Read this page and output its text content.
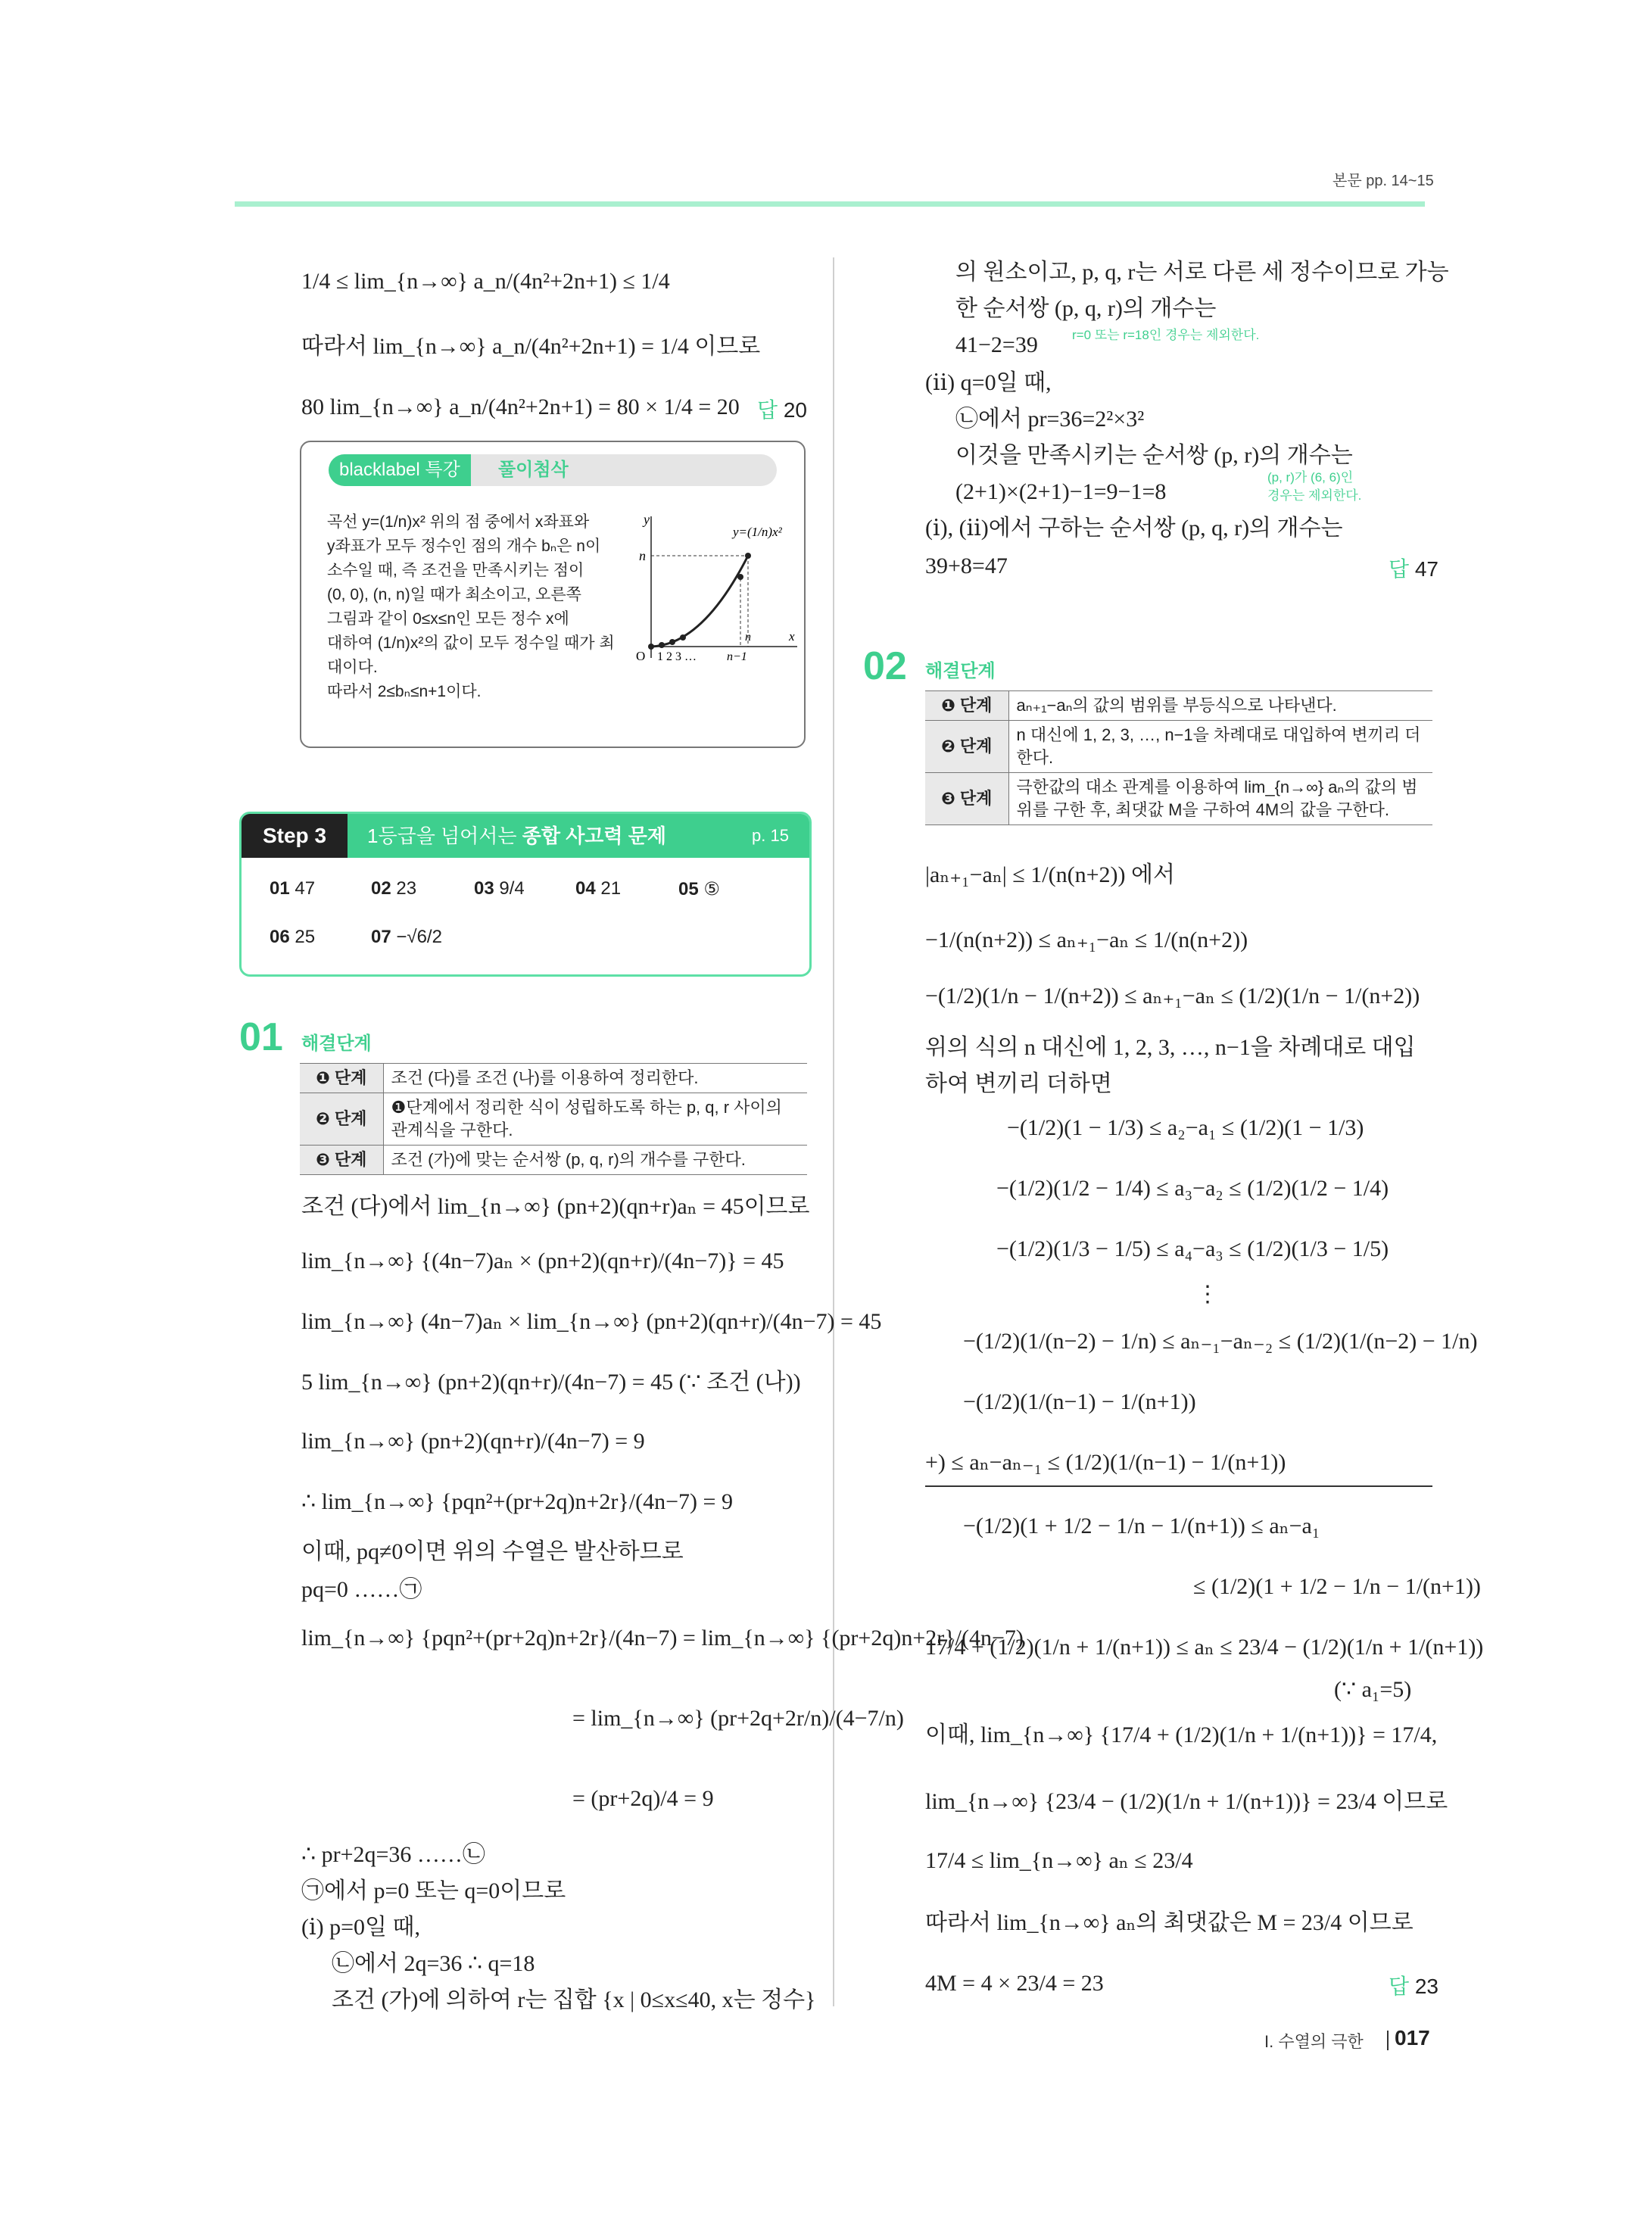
본문 pp. 14~15
1/4 ≤ lim_{n→∞} a_n/(4n²+2n+1) ≤ 1/4
따라서 lim_{n→∞} a_n/(4n²+2n+1) = 1/4 이므로
80 lim_{n→∞} a_n/(4n²+2n+1) = 80 × 1/4 = 20 답 20
blacklabel 특강	풀이첨삭
곡선 y=(1/n)x² 위의 점 중에서 x좌표와
y좌표가 모두 정수인 점의 개수 bₙ은 n이
소수일 때, 즉 조건을 만족시키는 점이
(0, 0), (n, n)일 때가 최소이고, 오른쪽
그림과 같이 0≤x≤n인 모든 정수 x에
대하여 (1/n)x²의 값이 모두 정수일 때가 최
대이다.
따라서 2≤bₙ≤n+1이다.
y
n
y=(1/n)x²
O 1 2 3 …
n
n−1
x
Step 3	1등급을 넘어서는 종합 사고력 문제	p. 15
01 47	02 23	03 9/4	04 21	05 ⑤
06 25	07 −√6/2
01 해결단계
❶ 단계	조건 (다)를 조건 (나)를 이용하여 정리한다.
❷ 단계	❶단계에서 정리한 식이 성립하도록 하는 p, q, r 사이의 관계식을 구한다.
❸ 단계	조건 (가)에 맞는 순서쌍 (p, q, r)의 개수를 구한다.
조건 (다)에서 lim_{n→∞} (pn+2)(qn+r)aₙ = 45이므로
lim_{n→∞} {(4n−7)aₙ × (pn+2)(qn+r)/(4n−7)} = 45
lim_{n→∞} (4n−7)aₙ × lim_{n→∞} (pn+2)(qn+r)/(4n−7) = 45
5 lim_{n→∞} (pn+2)(qn+r)/(4n−7) = 45 (∵ 조건 (나))
lim_{n→∞} (pn+2)(qn+r)/(4n−7) = 9
∴ lim_{n→∞} {pqn²+(pr+2q)n+2r}/(4n−7) = 9
이때, pq≠0이면 위의 수열은 발산하므로
pq=0 ……㉠
lim_{n→∞} {pqn²+(pr+2q)n+2r}/(4n−7) = lim_{n→∞} {(pr+2q)n+2r}/(4n−7)
= lim_{n→∞} (pr+2q+2r/n)/(4−7/n)
= (pr+2q)/4 = 9
∴ pr+2q=36 ……㉡
㉠에서 p=0 또는 q=0이므로
(ⅰ) p=0일 때,
㉡에서 2q=36 ∴ q=18
조건 (가)에 의하여 r는 집합 {x | 0≤x≤40, x는 정수}
의 원소이고, p, q, r는 서로 다른 세 정수이므로 가능
한 순서쌍 (p, q, r)의 개수는
r=0 또는 r=18인 경우는 제외한다.
41−2=39
(ⅱ) q=0일 때,
㉡에서 pr=36=2²×3²
이것을 만족시키는 순서쌍 (p, r)의 개수는
(p, r)가 (6, 6)인
(2+1)×(2+1)−1=9−1=8	경우는 제외한다.
(ⅰ), (ⅱ)에서 구하는 순서쌍 (p, q, r)의 개수는
39+8=47	답 47
02 해결단계
❶ 단계	aₙ₊₁−aₙ의 값의 범위를 부등식으로 나타낸다.
❷ 단계	n 대신에 1, 2, 3, …, n−1을 차례대로 대입하여 변끼리 더한다.
❸ 단계	극한값의 대소 관계를 이용하여 lim_{n→∞} aₙ의 값의 범위를 구한 후, 최댓값 M을 구하여 4M의 값을 구한다.
|aₙ₊₁−aₙ| ≤ 1/(n(n+2)) 에서
−1/(n(n+2)) ≤ aₙ₊₁−aₙ ≤ 1/(n(n+2))
−(1/2)(1/n − 1/(n+2)) ≤ aₙ₊₁−aₙ ≤ (1/2)(1/n − 1/(n+2))
위의 식의 n 대신에 1, 2, 3, …, n−1을 차례대로 대입
하여 변끼리 더하면
−(1/2)(1 − 1/3) ≤ a₂−a₁ ≤ (1/2)(1 − 1/3)
−(1/2)(1/2 − 1/4) ≤ a₃−a₂ ≤ (1/2)(1/2 − 1/4)
−(1/2)(1/3 − 1/5) ≤ a₄−a₃ ≤ (1/2)(1/3 − 1/5)
⋮
−(1/2)(1/(n−2) − 1/n) ≤ aₙ₋₁−aₙ₋₂ ≤ (1/2)(1/(n−2) − 1/n)
−(1/2)(1/(n−1) − 1/(n+1))
+) ≤ aₙ−aₙ₋₁ ≤ (1/2)(1/(n−1) − 1/(n+1))
−(1/2)(1 + 1/2 − 1/n − 1/(n+1)) ≤ aₙ−a₁
≤ (1/2)(1 + 1/2 − 1/n − 1/(n+1))
17/4 + (1/2)(1/n + 1/(n+1)) ≤ aₙ ≤ 23/4 − (1/2)(1/n + 1/(n+1))
(∵ a₁=5)
이때, lim_{n→∞} {17/4 + (1/2)(1/n + 1/(n+1))} = 17/4,
lim_{n→∞} {23/4 − (1/2)(1/n + 1/(n+1))} = 23/4 이므로
17/4 ≤ lim_{n→∞} aₙ ≤ 23/4
따라서 lim_{n→∞} aₙ의 최댓값은 M = 23/4 이므로
4M = 4 × 23/4 = 23	답 23
I. 수열의 극한 017
